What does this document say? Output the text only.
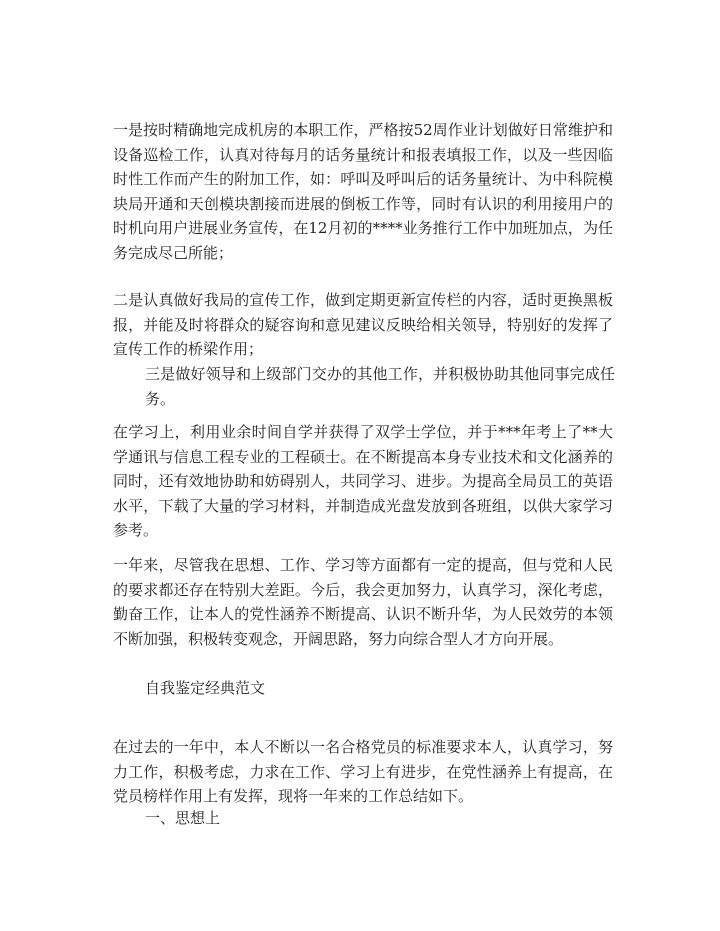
一是按时精确地完成机房的本职工作，严格按52周作业计划做好日常维护和设备巡检工作，认真对待每月的话务量统计和报表填报工作，以及一些因临时性工作而产生的附加工作，如：呼叫及呼叫后的话务量统计、为中科院模块局开通和天创模块割接而进展的倒板工作等，同时有认识的利用接用户的时机向用户进展业务宣传，在12月初的****业务推行工作中加班加点，为任务完成尽己所能；

二是认真做好我局的宣传工作，做到定期更新宣传栏的内容，适时更换黑板报，并能及时将群众的疑容询和意见建议反映给相关领导，特别好的发挥了宣传工作的桥梁作用；

三是做好领导和上级部门交办的其他工作，并积极协助其他同事完成任务。

在学习上，利用业余时间自学并获得了双学士学位，并于***年考上了**大学通讯与信息工程专业的工程硕士。在不断提高本身专业技术和文化涵养的同时，还有效地协助和妨碍别人，共同学习、进步。为提高全局员工的英语水平，下载了大量的学习材料，并制造成光盘发放到各班组，以供大家学习参考。

一年来，尽管我在思想、工作、学习等方面都有一定的提高，但与党和人民的要求都还存在特别大差距。今后，我会更加努力，认真学习，深化考虑，勤奋工作，让本人的党性涵养不断提高、认识不断升华，为人民效劳的本领不断加强，积极转变观念，开阔思路，努力向综合型人才方向开展。

自我鉴定经典范文

在过去的一年中，本人不断以一名合格党员的标准要求本人，认真学习，努力工作，积极考虑，力求在工作、学习上有进步，在党性涵养上有提高，在党员榜样作用上有发挥，现将一年来的工作总结如下。

一、思想上
